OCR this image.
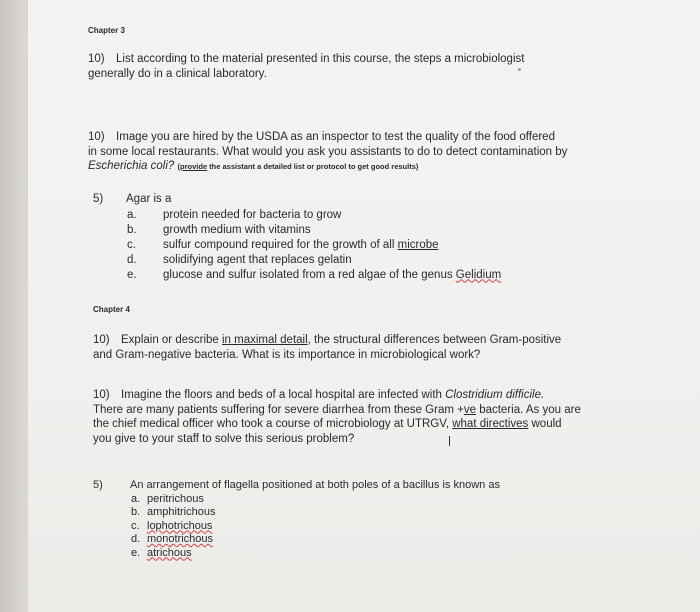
Chapter 3
10) List according to the material presented in this course, the steps a microbiologist
generally do in a clinical laboratory.
10) Image you are hired by the USDA as an inspector to test the quality of the food offered
in some local restaurants. What would you ask you assistants to do to detect contamination by
Escherichia coli? (provide the assistant a detailed list or protocol to get good results)
5) Agar is a
a. protein needed for bacteria to grow
b. growth medium with vitamins
c. sulfur compound required for the growth of all microbe
d. solidifying agent that replaces gelatin
e. glucose and sulfur isolated from a red algae of the genus Gelidium
Chapter 4
10) Explain or describe in maximal detail, the structural differences between Gram-positive
and Gram-negative bacteria. What is its importance in microbiological work?
10) Imagine the floors and beds of a local hospital are infected with Clostridium difficile.
There are many patients suffering for severe diarrhea from these Gram +ve bacteria. As you are
the chief medical officer who took a course of microbiology at UTRGV, what directives would
you give to your staff to solve this serious problem?
5) An arrangement of flagella positioned at both poles of a bacillus is known as
a. peritrichous
b. amphitrichous
c. lophotrichous
d. monotrichous
e. atrichous
